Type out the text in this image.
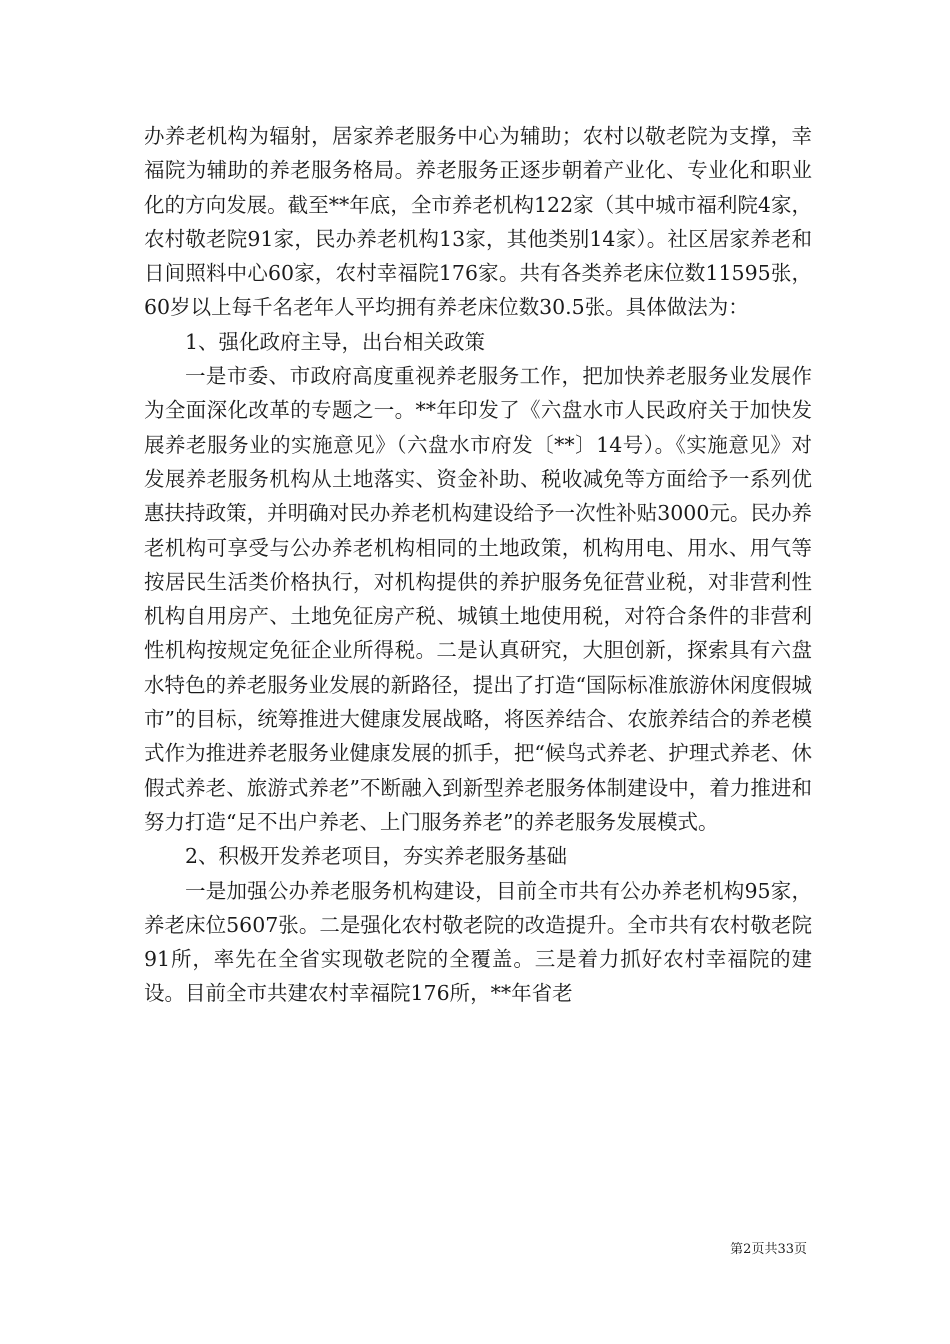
办养老机构为辐射，居家养老服务中心为辅助；农村以敬老院为支撑，幸福院为辅助的养老服务格局。养老服务正逐步朝着产业化、专业化和职业化的方向发展。截至**年底，全市养老机构122家（其中城市福利院4家，农村敬老院91家，民办养老机构13家，其他类别14家）。社区居家养老和日间照料中心60家，农村幸福院176家。共有各类养老床位数11595张，60岁以上每千名老年人平均拥有养老床位数30.5张。具体做法为：

1、强化政府主导，出台相关政策

一是市委、市政府高度重视养老服务工作，把加快养老服务业发展作为全面深化改革的专题之一。**年印发了《六盘水市人民政府关于加快发展养老服务业的实施意见》（六盘水市府发〔**〕14号）。《实施意见》对发展养老服务机构从土地落实、资金补助、税收减免等方面给予一系列优惠扶持政策，并明确对民办养老机构建设给予一次性补贴3000元。民办养老机构可享受与公办养老机构相同的土地政策，机构用电、用水、用气等按居民生活类价格执行，对机构提供的养护服务免征营业税，对非营利性机构自用房产、土地免征房产税、城镇土地使用税，对符合条件的非营利性机构按规定免征企业所得税。二是认真研究，大胆创新，探索具有六盘水特色的养老服务业发展的新路径，提出了打造“国际标准旅游休闲度假城市”的目标，统筹推进大健康发展战略，将医养结合、农旅养结合的养老模式作为推进养老服务业健康发展的抓手，把“候鸟式养老、护理式养老、休假式养老、旅游式养老”不断融入到新型养老服务体制建设中，着力推进和努力打造“足不出户养老、上门服务养老”的养老服务发展模式。

2、积极开发养老项目，夯实养老服务基础

一是加强公办养老服务机构建设，目前全市共有公办养老机构95家，养老床位5607张。二是强化农村敬老院的改造提升。全市共有农村敬老院91所，率先在全省实现敬老院的全覆盖。三是着力抓好农村幸福院的建设。目前全市共建农村幸福院176所，**年省老

第2页共33页
